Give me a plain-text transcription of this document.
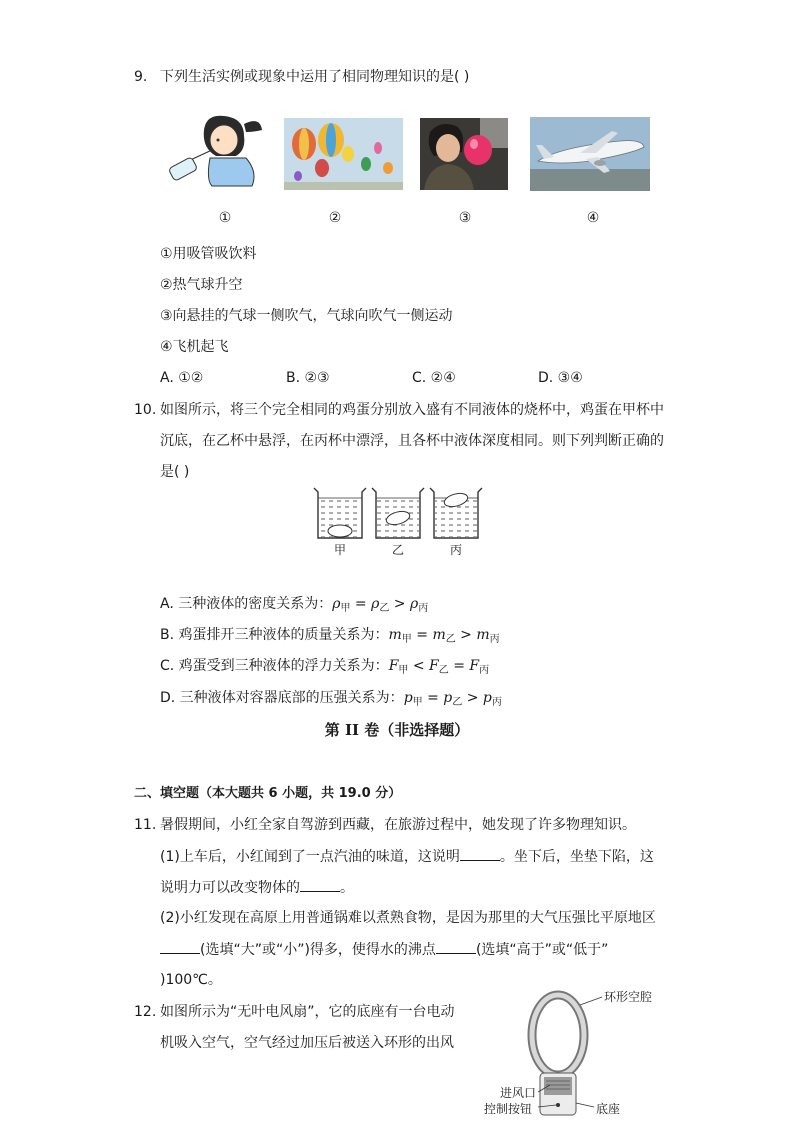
9. 下列生活实例或现象中运用了相同物理知识的是( )
①	②	③	④
①用吸管吸饮料
②热气球升空
③向悬挂的气球一侧吹气，气球向吹气一侧运动
④飞机起飞
A. ①②	B. ②③	C. ②④	D. ③④
10. 如图所示，将三个完全相同的鸡蛋分别放入盛有不同液体的烧杯中，鸡蛋在甲杯中
沉底，在乙杯中悬浮，在丙杯中漂浮，且各杯中液体深度相同。则下列判断正确的
是( )
甲	乙	丙
A. 三种液体的密度关系为：$\rho_甲 = \rho_乙 > \rho_丙$
B. 鸡蛋排开三种液体的质量关系为：$m_甲 = m_乙 > m_丙$
C. 鸡蛋受到三种液体的浮力关系为：$F_甲 < F_乙 = F_丙$
D. 三种液体对容器底部的压强关系为：$p_甲 = p_乙 > p_丙$
第 II 卷（非选择题）
二、填空题（本大题共 6 小题，共 19.0 分）
11. 暑假期间，小红全家自驾游到西藏，在旅游过程中，她发现了许多物理知识。
(1)上车后，小红闻到了一点汽油的味道，这说明	。坐下后，坐垫下陷，这
说明力可以改变物体的	。
(2)小红发现在高原上用普通锅难以煮熟食物，是因为那里的大气压强比平原地区
(选填“大”或“小”)得多，使得水的沸点	(选填“高于”或“低于”
)100℃。
12. 如图所示为“无叶电风扇”，它的底座有一台电动
机吸入空气，空气经过加压后被送入环形的出风
环形空腔
进风口
控制按钮	底座
